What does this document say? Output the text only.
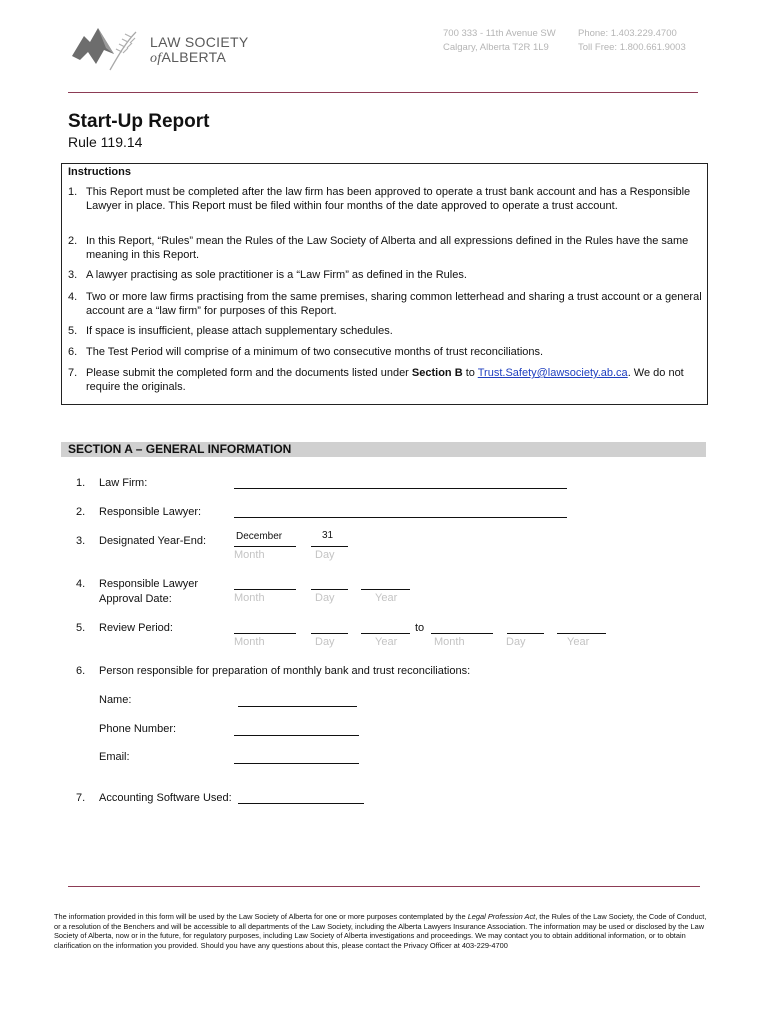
LAW SOCIETY
ofALBERTA
700 333 - 11th Avenue SW
Calgary, Alberta T2R 1L9
Phone: 1.403.229.4700
Toll Free: 1.800.661.9003
Start-Up Report
Rule 119.14
Instructions
1. This Report must be completed after the law firm has been approved to operate a trust bank account and has a Responsible Lawyer in place. This Report must be filed within four months of the date approved to operate a trust account.
2. In this Report, “Rules” mean the Rules of the Law Society of Alberta and all expressions defined in the Rules have the same meaning in this Report.
3. A lawyer practising as sole practitioner is a “Law Firm” as defined in the Rules.
4. Two or more law firms practising from the same premises, sharing common letterhead and sharing a trust account or a general account are a “law firm” for purposes of this Report.
5. If space is insufficient, please attach supplementary schedules.
6. The Test Period will comprise of a minimum of two consecutive months of trust reconciliations.
7. Please submit the completed form and the documents listed under Section B to Trust.Safety@lawsociety.ab.ca. We do not require the originals.
SECTION A – GENERAL INFORMATION
1. Law Firm:
2. Responsible Lawyer:
3. Designated Year-End:	December	31
Month	Day
4. Responsible Lawyer
Approval Date:	Month	Day	Year
5. Review Period:	to
Month	Day	Year	Month	Day	Year
6. Person responsible for preparation of monthly bank and trust reconciliations:
Name:
Phone Number:
Email:
7. Accounting Software Used:
The information provided in this form will be used by the Law Society of Alberta for one or more purposes contemplated by the Legal Profession Act, the Rules of the Law Society, the Code of Conduct, or a resolution of the Benchers and will be accessible to all departments of the Law Society, including the Alberta Lawyers Insurance Association. The information may be used or disclosed by the Law Society of Alberta, now or in the future, for regulatory purposes, including Law Society of Alberta investigations and proceedings. We may contact you to obtain additional information, or to obtain clarification on the information you provided. Should you have any questions about this, please contact the Privacy Officer at 403-229-4700
